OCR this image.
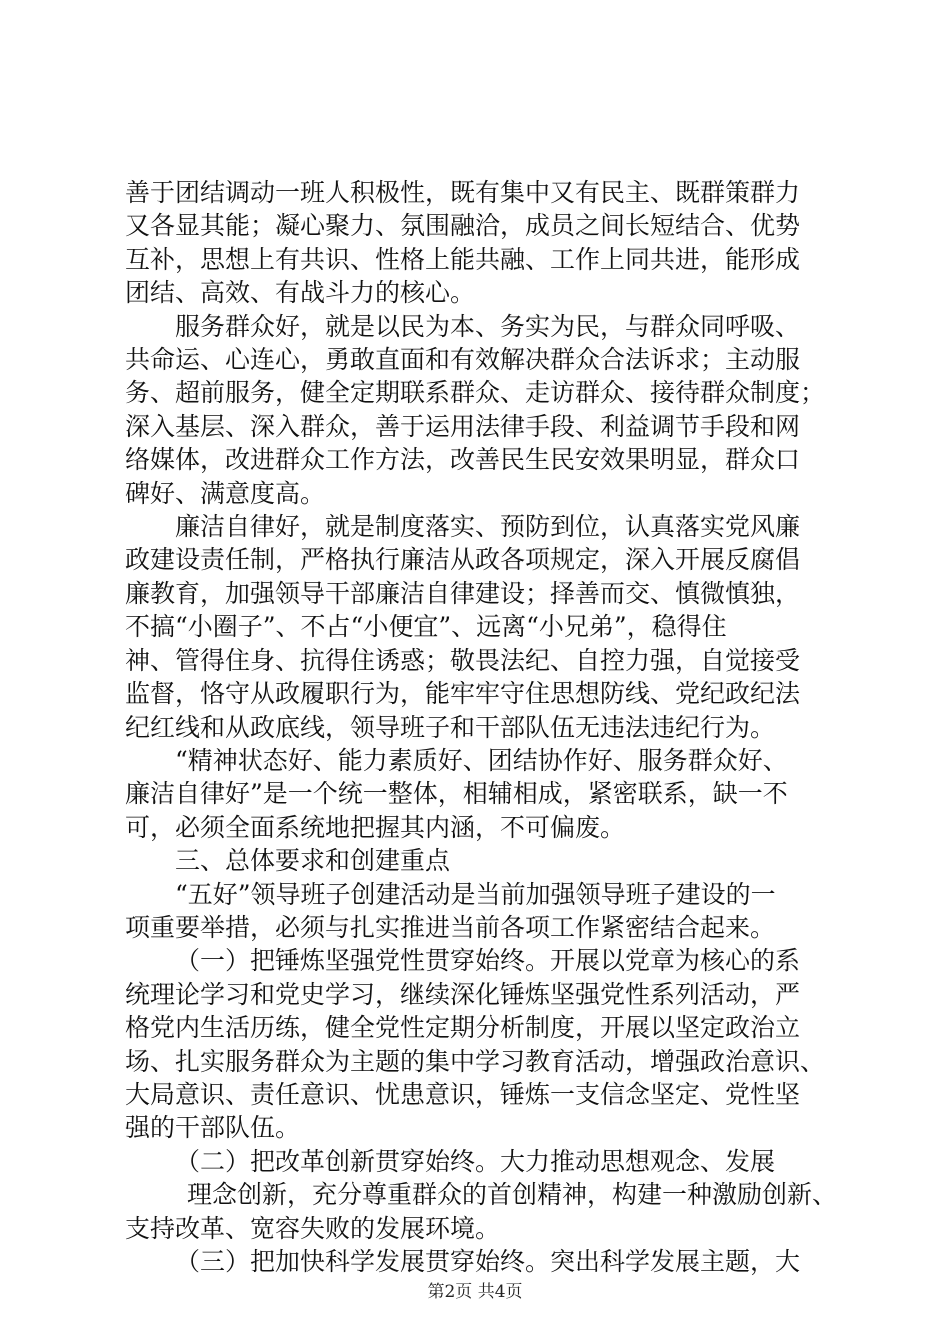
善于团结调动一班人积极性，既有集中又有民主、既群策群力
又各显其能；凝心聚力、氛围融洽，成员之间长短结合、优势
互补，思想上有共识、性格上能共融、工作上同共进，能形成
团结、高效、有战斗力的核心。
服务群众好，就是以民为本、务实为民，与群众同呼吸、
共命运、心连心，勇敢直面和有效解决群众合法诉求；主动服
务、超前服务，健全定期联系群众、走访群众、接待群众制度；
深入基层、深入群众，善于运用法律手段、利益调节手段和网
络媒体，改进群众工作方法，改善民生民安效果明显，群众口
碑好、满意度高。
廉洁自律好，就是制度落实、预防到位，认真落实党风廉
政建设责任制，严格执行廉洁从政各项规定，深入开展反腐倡
廉教育，加强领导干部廉洁自律建设；择善而交、慎微慎独，
不搞“小圈子”、不占“小便宜”、远离“小兄弟”，稳得住
神、管得住身、抗得住诱惑；敬畏法纪、自控力强，自觉接受
监督，恪守从政履职行为，能牢牢守住思想防线、党纪政纪法
纪红线和从政底线，领导班子和干部队伍无违法违纪行为。
“精神状态好、能力素质好、团结协作好、服务群众好、
廉洁自律好”是一个统一整体，相辅相成，紧密联系，缺一不
可，必须全面系统地把握其内涵，不可偏废。
三、总体要求和创建重点
“五好”领导班子创建活动是当前加强领导班子建设的一
项重要举措，必须与扎实推进当前各项工作紧密结合起来。
（一）把锤炼坚强党性贯穿始终。开展以党章为核心的系
统理论学习和党史学习，继续深化锤炼坚强党性系列活动，严
格党内生活历练，健全党性定期分析制度，开展以坚定政治立
场、扎实服务群众为主题的集中学习教育活动，增强政治意识、
大局意识、责任意识、忧患意识，锤炼一支信念坚定、党性坚
强的干部队伍。
（二）把改革创新贯穿始终。大力推动思想观念、发展
理念创新，充分尊重群众的首创精神，构建一种激励创新、
支持改革、宽容失败的发展环境。
（三）把加快科学发展贯穿始终。突出科学发展主题，大
第2页 共4页
